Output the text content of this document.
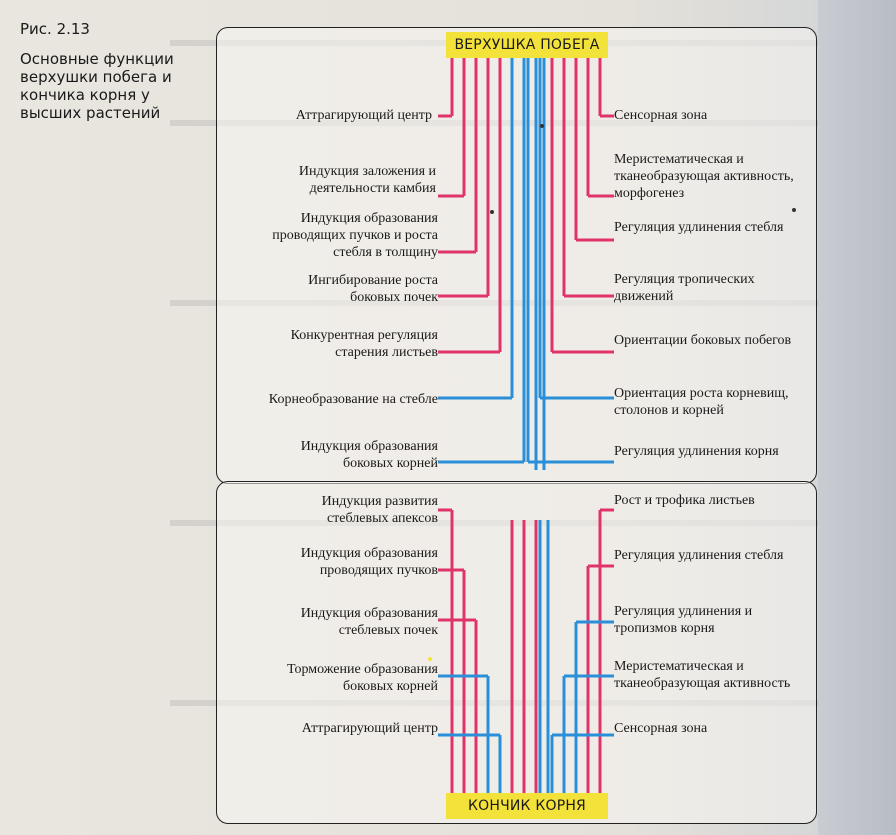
Рис. 2.13
Основные функции верхушки побега и кончика корня у высших растений
ВЕРХУШКА ПОБЕГА
КОНЧИК КОРНЯ
Аттрагирующий центр
Индукция заложения и деятельности камбия
Индукция образования проводящих пучков и роста стебля в толщину
Ингибирование роста боковых почек
Конкурентная регуляция старения листьев
Корнеобразование на стебле
Индукция образования боковых корней
Сенсорная зона
Меристематическая и тканеобразующая активность, морфогенез
Регуляция удлинения стебля
Регуляция тропических движений
Ориентации боковых побегов
Ориентация роста корневищ, столонов и корней
Регуляция удлинения корня
Индукция развития стеблевых апексов
Индукция образования проводящих пучков
Индукция образования стеблевых почек
Торможение образования боковых корней
Аттрагирующий центр
Рост и трофика листьев
Регуляция удлинения стебля
Регуляция удлинения и тропизмов корня
Меристематическая и тканеобразующая активность
Сенсорная зона
